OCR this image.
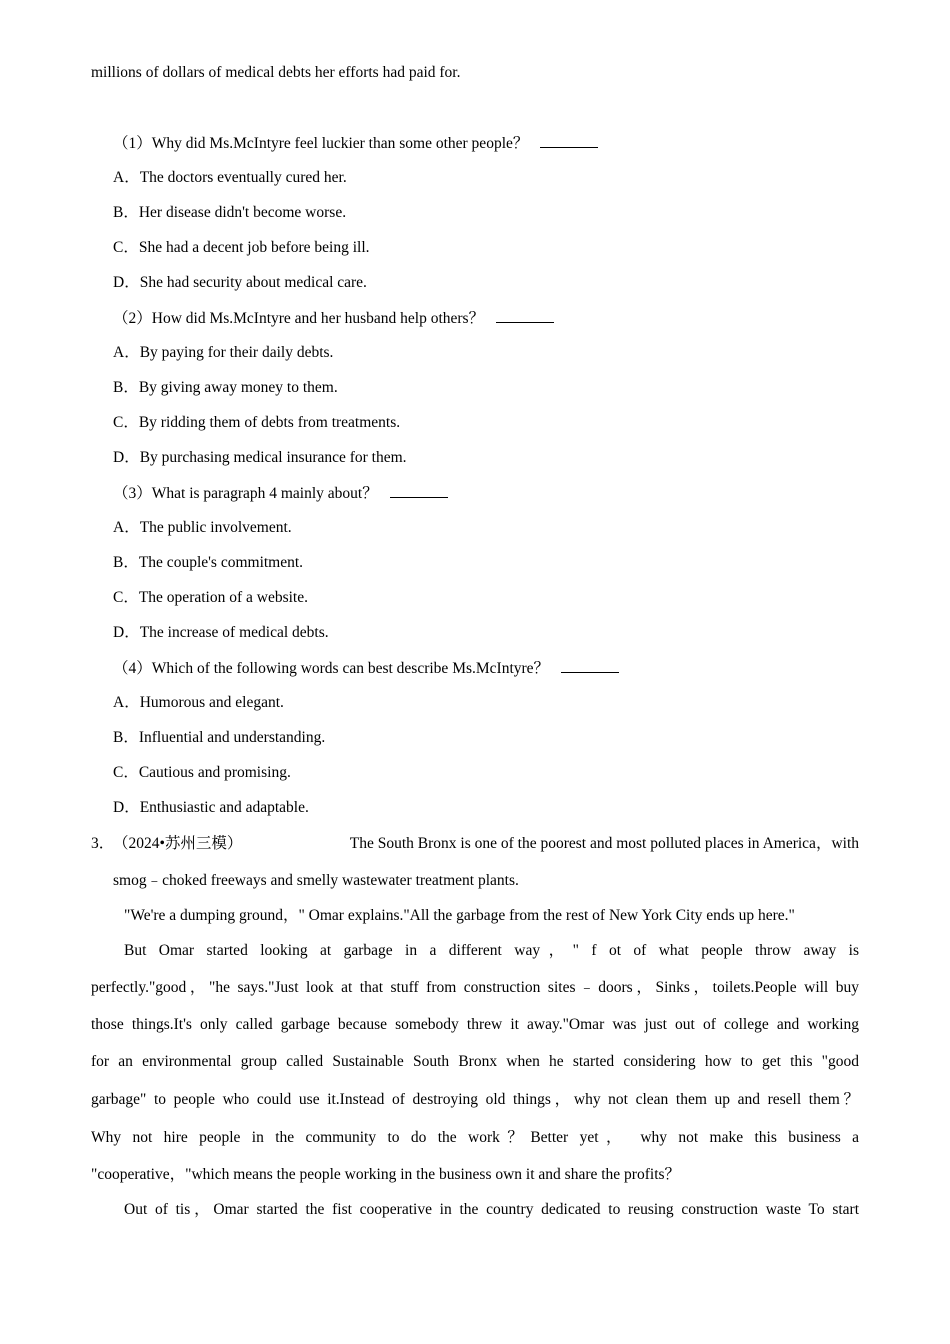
millions of dollars of medical debts her efforts had paid for.
（1）Why did Ms.McIntyre feel luckier than some other people？
A．The doctors eventually cured her.
B．Her disease didn't become worse.
C．She had a decent job before being ill.
D．She had security about medical care.
（2）How did Ms.McIntyre and her husband help others？
A．By paying for their daily debts.
B．By giving away money to them.
C．By ridding them of debts from treatments.
D．By purchasing medical insurance for them.
（3）What is paragraph 4 mainly about？
A．The public involvement.
B．The couple's commitment.
C．The operation of a website.
D．The increase of medical debts.
（4）Which of the following words can best describe Ms.McIntyre？
A．Humorous and elegant.
B．Influential and understanding.
C．Cautious and promising.
D．Enthusiastic and adaptable.
3．
（2024•苏州三模）	The South Bronx is one of the poorest and most polluted places in America，with
smog﹣choked freeways and smelly wastewater treatment plants.
"We're a dumping ground，" Omar explains."All the garbage from the rest of New York City ends up here."
But Omar started looking at garbage in a different way，" f ot of what people throw away is
perfectly."good，"he says."Just look at that stuff from construction sites﹣doors，Sinks，toilets.People will buy
those things.It's only called garbage because somebody threw it away."Omar was just out of college and working
for an environmental group called Sustainable South Bronx when he started considering how to get this "good
garbage" to people who could use it.Instead of destroying old things，why not clean them up and resell them？
Why not hire people in the community to do the work？Better yet， why not make this business a
"cooperative，"which means the people working in the business own it and share the profits？
Out of tis，Omar started the fist cooperative in the country dedicated to reusing construction waste To start
